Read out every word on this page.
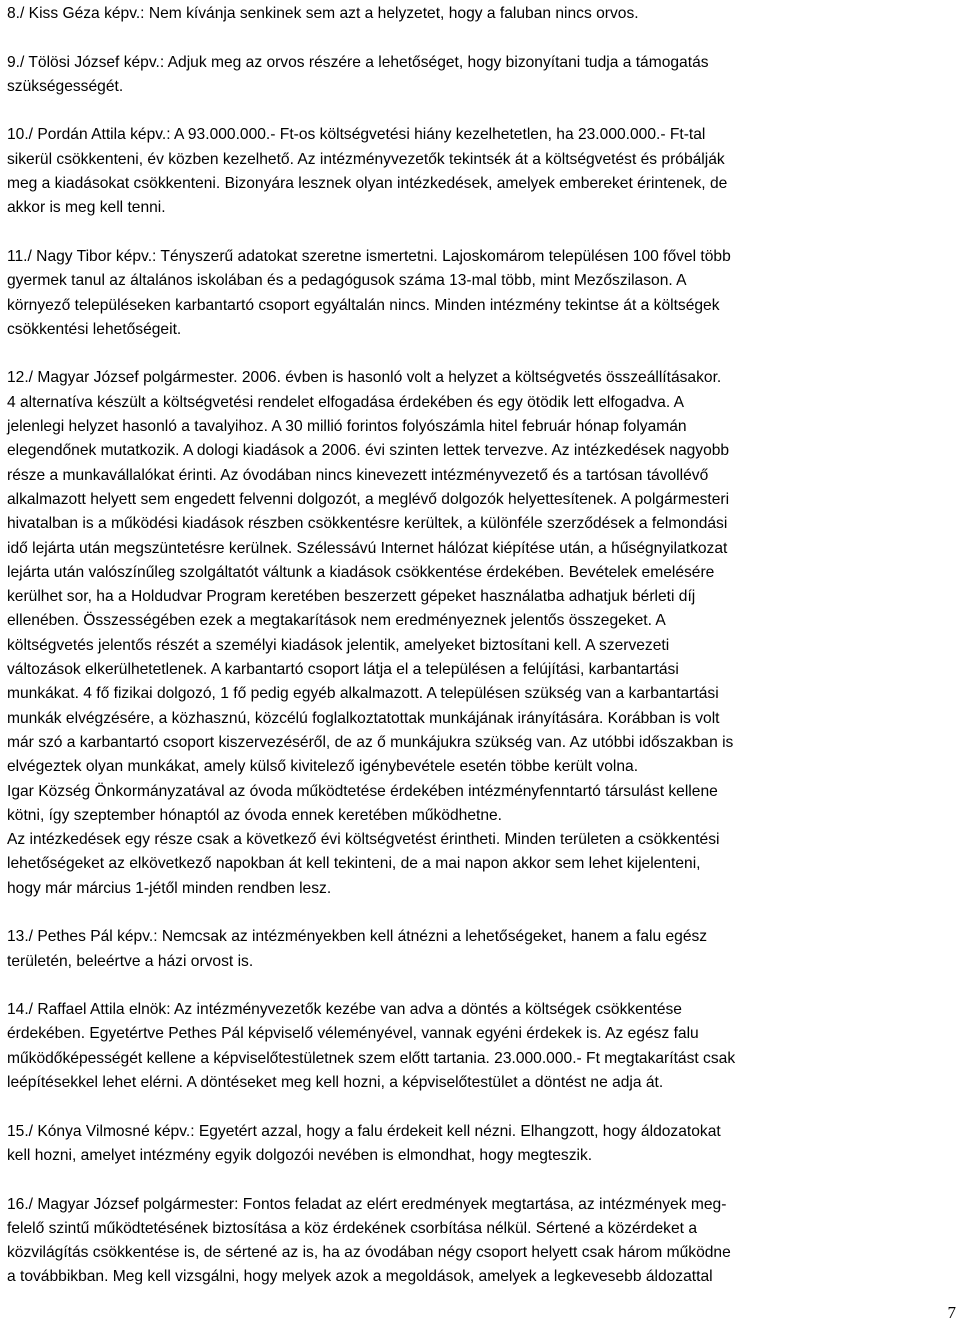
8./ Kiss Géza képv.: Nem kívánja senkinek sem azt a helyzetet, hogy a faluban nincs orvos.

9./ Tölösi József képv.: Adjuk meg az orvos részére a lehetőséget, hogy bizonyítani tudja a támogatás
szükségességét.

10./ Pordán Attila képv.: A 93.000.000.- Ft-os költségvetési hiány kezelhetetlen, ha 23.000.000.- Ft-tal
sikerül csökkenteni, év közben kezelhető. Az intézményvezetők tekintsék át a költségvetést és próbálják
meg a kiadásokat csökkenteni. Bizonyára lesznek olyan intézkedések, amelyek embereket érintenek, de
akkor is meg kell tenni.

11./ Nagy Tibor képv.: Tényszerű adatokat szeretne ismertetni. Lajoskomárom településen 100 fővel több
gyermek tanul az általános iskolában és a pedagógusok száma 13-mal több, mint Mezőszilason. A
környező településeken karbantartó csoport egyáltalán nincs. Minden intézmény tekintse át a költségek
csökkentési lehetőségeit.

12./ Magyar József polgármester. 2006. évben is hasonló volt a helyzet a költségvetés összeállításakor.
4 alternatíva készült a költségvetési rendelet elfogadása érdekében és egy ötödik lett elfogadva. A
jelenlegi helyzet hasonló a tavalyihoz. A 30 millió forintos folyószámla hitel február hónap folyamán
elegendőnek mutatkozik. A dologi kiadások a 2006. évi szinten lettek tervezve. Az intézkedések nagyobb
része a munkavállalókat érinti. Az óvodában nincs kinevezett intézményvezető és a tartósan távollévő
alkalmazott helyett sem engedett felvenni dolgozót, a meglévő dolgozók helyettesítenek. A polgármesteri
hivatalban is a működési kiadások részben csökkentésre kerültek, a különféle szerződések a felmondási
idő lejárta után megszüntetésre kerülnek. Szélessávú Internet hálózat kiépítése után, a hűségnyilatkozat
lejárta után valószínűleg szolgáltatót váltunk a kiadások csökkentése érdekében. Bevételek emelésére
kerülhet sor, ha a Holdudvar Program keretében beszerzett gépeket használatba adhatjuk bérleti díj
ellenében. Összességében ezek a megtakarítások nem eredményeznek jelentős összegeket. A
költségvetés jelentős részét a személyi kiadások jelentik, amelyeket biztosítani kell. A szervezeti
változások elkerülhetetlenek. A karbantartó csoport látja el a településen a felújítási, karbantartási
munkákat. 4 fő fizikai dolgozó, 1 fő pedig egyéb alkalmazott. A településen szükség van a karbantartási
munkák elvégzésére, a közhasznú, közcélú foglalkoztatottak munkájának irányítására. Korábban is volt
már szó a karbantartó csoport kiszervezéséről, de az ő munkájukra szükség van. Az utóbbi időszakban is
elvégeztek olyan munkákat, amely külső kivitelező igénybevétele esetén többe került volna.
Igar Község Önkormányzatával az óvoda működtetése érdekében intézményfenntartó társulást kellene
kötni, így szeptember hónaptól az óvoda ennek keretében működhetne.
Az intézkedések egy része csak a következő évi költségvetést érintheti. Minden területen a csökkentési
lehetőségeket az elkövetkező napokban át kell tekinteni, de a mai napon akkor sem lehet kijelenteni,
hogy már március 1-jétől minden rendben lesz.

13./ Pethes Pál képv.: Nemcsak az intézményekben kell átnézni a lehetőségeket, hanem a falu egész
területén, beleértve a házi orvost is.

14./ Raffael Attila elnök: Az intézményvezetők kezébe van adva a döntés a költségek csökkentése
érdekében. Egyetértve Pethes Pál képviselő véleményével, vannak egyéni érdekek is. Az egész falu
működőképességét kellene a képviselőtestületnek szem előtt tartania. 23.000.000.- Ft megtakarítást csak
leépítésekkel lehet elérni. A döntéseket meg kell hozni, a képviselőtestület a döntést ne adja át.

15./ Kónya Vilmosné képv.: Egyetért azzal, hogy a falu érdekeit kell nézni. Elhangzott, hogy áldozatokat
kell hozni, amelyet intézmény egyik dolgozói nevében is elmondhat, hogy megteszik.

16./ Magyar József polgármester: Fontos feladat az elért eredmények megtartása, az intézmények meg-
felelő szintű működtetésének biztosítása a köz érdekének csorbítása nélkül. Sértené a közérdeket a
közvilágítás csökkentése is, de sértené az is, ha az óvodában négy csoport helyett csak három működne
a továbbikban. Meg kell vizsgálni, hogy melyek azok a megoldások, amelyek a legkevesebb áldozattal

7
